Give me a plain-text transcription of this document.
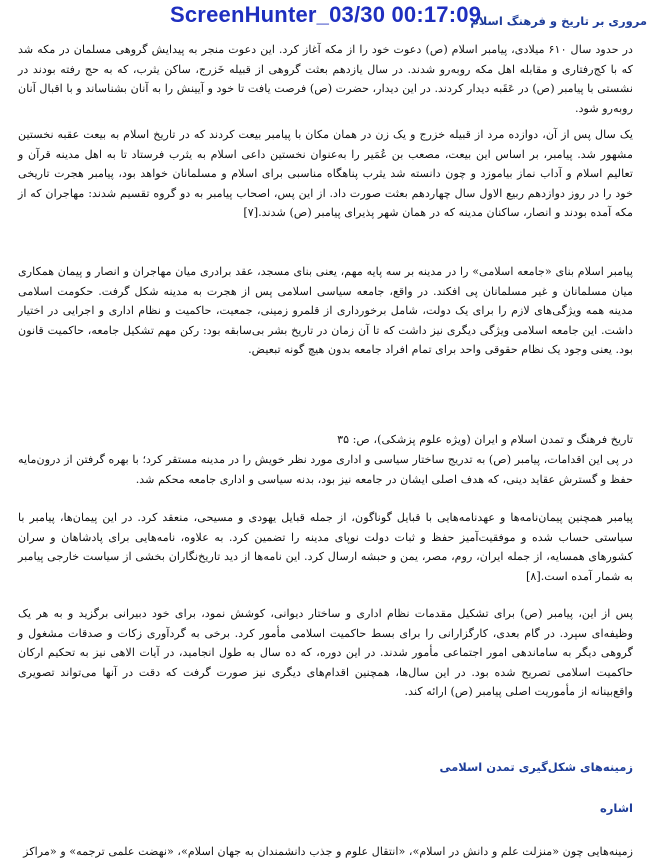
ScreenHunter_03/30 00:17:09
مروری بر تاریخ و فرهنگ اسلام

در حدود سال ۶۱۰ میلادی، پیامبر اسلام (ص) دعوت خود را از مکه آغاز کرد. این دعوت منجر به پیدایش گروهی مسلمان در مکه شد که با کج‌رفتاری و مقابله اهل مکه روبه‌رو شدند. در سال یازدهم بعثت گروهی از قبیله خَزرج، ساکن یثرب، که به حج رفته بودند در نشستی با پیامبر (ص) در عَقَبه دیدار کردند. در این دیدار، حضرت (ص) فرصت یافت تا خود و آیینش را به آنان بشناساند و با اقبال آنان روبه‌رو شود.

یک سال پس از آن، دوازده مرد از قبیله خزرج و یک زن در همان مکان با پیامبر بیعت کردند که در تاریخ اسلام به بیعت عقبه نخستین مشهور شد. پیامبر، بر اساس این بیعت، مصعب بن عُمَیر را به‌عنوان نخستین داعی اسلام به یثرب فرستاد تا به اهل مدینه قرآن و تعالیم اسلام و آداب نماز بیاموزد و چون دانسته شد یثرب پناهگاه مناسبی برای اسلام و مسلمانان خواهد بود، پیامبر هجرت تاریخی خود را در روز دوازدهم ربیع الاول سال چهاردهم بعثت صورت داد. از این پس، اصحاب پیامبر به دو گروه تقسیم شدند: مهاجران که از مکه آمده بودند و انصار، ساکنان مدینه که در همان شهر پذیرای پیامبر (ص) شدند.[۷]

پیامبر اسلام بنای «جامعه اسلامی» را در مدینه بر سه پایه مهم، یعنی بنای مسجد، عقد برادری میان مهاجران و انصار و پیمان همکاری میان مسلمانان و غیر مسلمانان پی افکند. در واقع، جامعه سیاسی اسلامی پس از هجرت به مدینه شکل گرفت. حکومت اسلامی مدینه همه ویژگی‌های لازم را برای یک دولت، شامل برخورداری از قلمرو زمینی، جمعیت، حاکمیت و نظام اداری و اجرایی در اختیار داشت. این جامعه اسلامی ویژگی دیگری نیز داشت که تا آن زمان در تاریخ بشر بی‌سابقه بود: رکن مهم تشکیل جامعه، حاکمیت قانون بود. یعنی وجود یک نظام حقوقی واحد برای تمام افراد جامعه بدون هیچ گونه تبعیض.

تاریخ فرهنگ و تمدن اسلام و ایران (ویژه علوم پزشکی)، ص: ۳۵

در پی این اقدامات، پیامبر (ص) به تدریج ساختار سیاسی و اداری مورد نظر خویش را در مدینه مستقر کرد؛ با بهره گرفتن از درون‌مایه حفظ و گسترش عقاید دینی، که هدف اصلی ایشان در جامعه نیز بود، بدنه سیاسی و اداری جامعه محکم شد.

پیامبر همچنین پیمان‌نامه‌ها و عهدنامه‌هایی با قبایل گوناگون، از جمله قبایل یهودی و مسیحی، منعقد کرد. در این پیمان‌ها، پیامبر با سیاستی حساب شده و موفقیت‌آمیز حفظ و ثبات دولت نوپای مدینه را تضمین کرد. به علاوه، نامه‌هایی برای پادشاهان و سران کشورهای همسایه، از جمله ایران، روم، مصر، یمن و حبشه ارسال کرد. این نامه‌ها از دید تاریخ‌نگاران بخشی از سیاست خارجی پیامبر به شمار آمده است.[۸]

پس از این، پیامبر (ص) برای تشکیل مقدمات نظام اداری و ساختار دیوانی، کوشش نمود، برای خود دبیرانی برگزید و به هر یک وظیفه‌ای سپرد. در گام بعدی، کارگزارانی را برای بسط حاکمیت اسلامی مأمور کرد. برخی به گردآوری زکات و صدقات مشغول و گروهی دیگر به ساماندهی امور اجتماعی مأمور شدند. در این دوره، که ده سال به طول انجامید، در آیات الاهی نیز به تحکیم ارکان حاکمیت اسلامی تصریح شده بود. در این سال‌ها، همچنین اقدام‌های دیگری نیز صورت گرفت که دقت در آنها می‌تواند تصویری واقع‌بینانه از مأموریت اصلی پیامبر (ص) ارائه کند.

زمینه‌های شکل‌گیری تمدن اسلامی
اشاره

زمینه‌هایی چون «منزلت علم و دانش در اسلام»، «انتقال علوم و جذب دانشمندان به جهان اسلام»، «نهضت علمی ترجمه» و «مراکز
